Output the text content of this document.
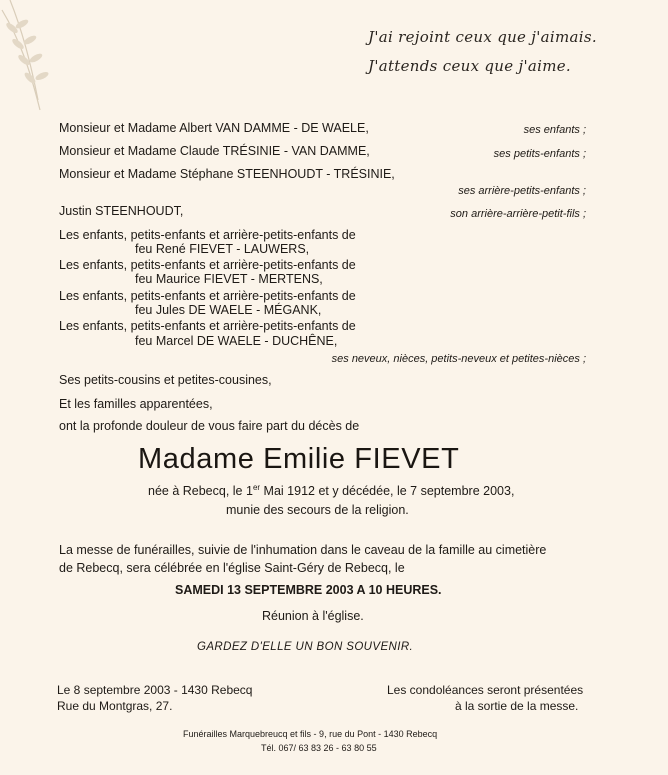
J'ai rejoint ceux que j'aimais.
J'attends ceux que j'aime.
Monsieur et Madame Albert VAN DAMME - DE WAELE,	ses enfants ;
Monsieur et Madame Claude TRÉSINIE - VAN DAMME,	ses petits-enfants ;
Monsieur et Madame Stéphane STEENHOUDT - TRÉSINIE,
ses arrière-petits-enfants ;
Justin STEENHOUDT,	son arrière-arrière-petit-fils ;
Les enfants, petits-enfants et arrière-petits-enfants de
feu René FIEVET - LAUWERS,
Les enfants, petits-enfants et arrière-petits-enfants de
feu Maurice FIEVET - MERTENS,
Les enfants, petits-enfants et arrière-petits-enfants de
feu Jules DE WAELE - MÉGANK,
Les enfants, petits-enfants et arrière-petits-enfants de
feu Marcel DE WAELE - DUCHÊNE,
ses neveux, nièces, petits-neveux et petites-nièces ;
Ses petits-cousins et petites-cousines,
Et les familles apparentées,
ont la profonde douleur de vous faire part du décès de
Madame Emilie FIEVET
née à Rebecq, le 1er Mai 1912 et y décédée, le 7 septembre 2003,
munie des secours de la religion.
La messe de funérailles, suivie de l'inhumation dans le caveau de la famille au cimetière
de Rebecq, sera célébrée en l'église Saint-Géry de Rebecq, le
SAMEDI 13 SEPTEMBRE 2003 A 10 HEURES.
Réunion à l'église.
GARDEZ D'ELLE UN BON SOUVENIR.
Le 8 septembre 2003 - 1430 Rebecq
Rue du Montgras, 27.
Les condoléances seront présentées
à la sortie de la messe.
Funérailles Marquebreucq et fils - 9, rue du Pont - 1430 Rebecq
Tél. 067/ 63 83 26 - 63 80 55
